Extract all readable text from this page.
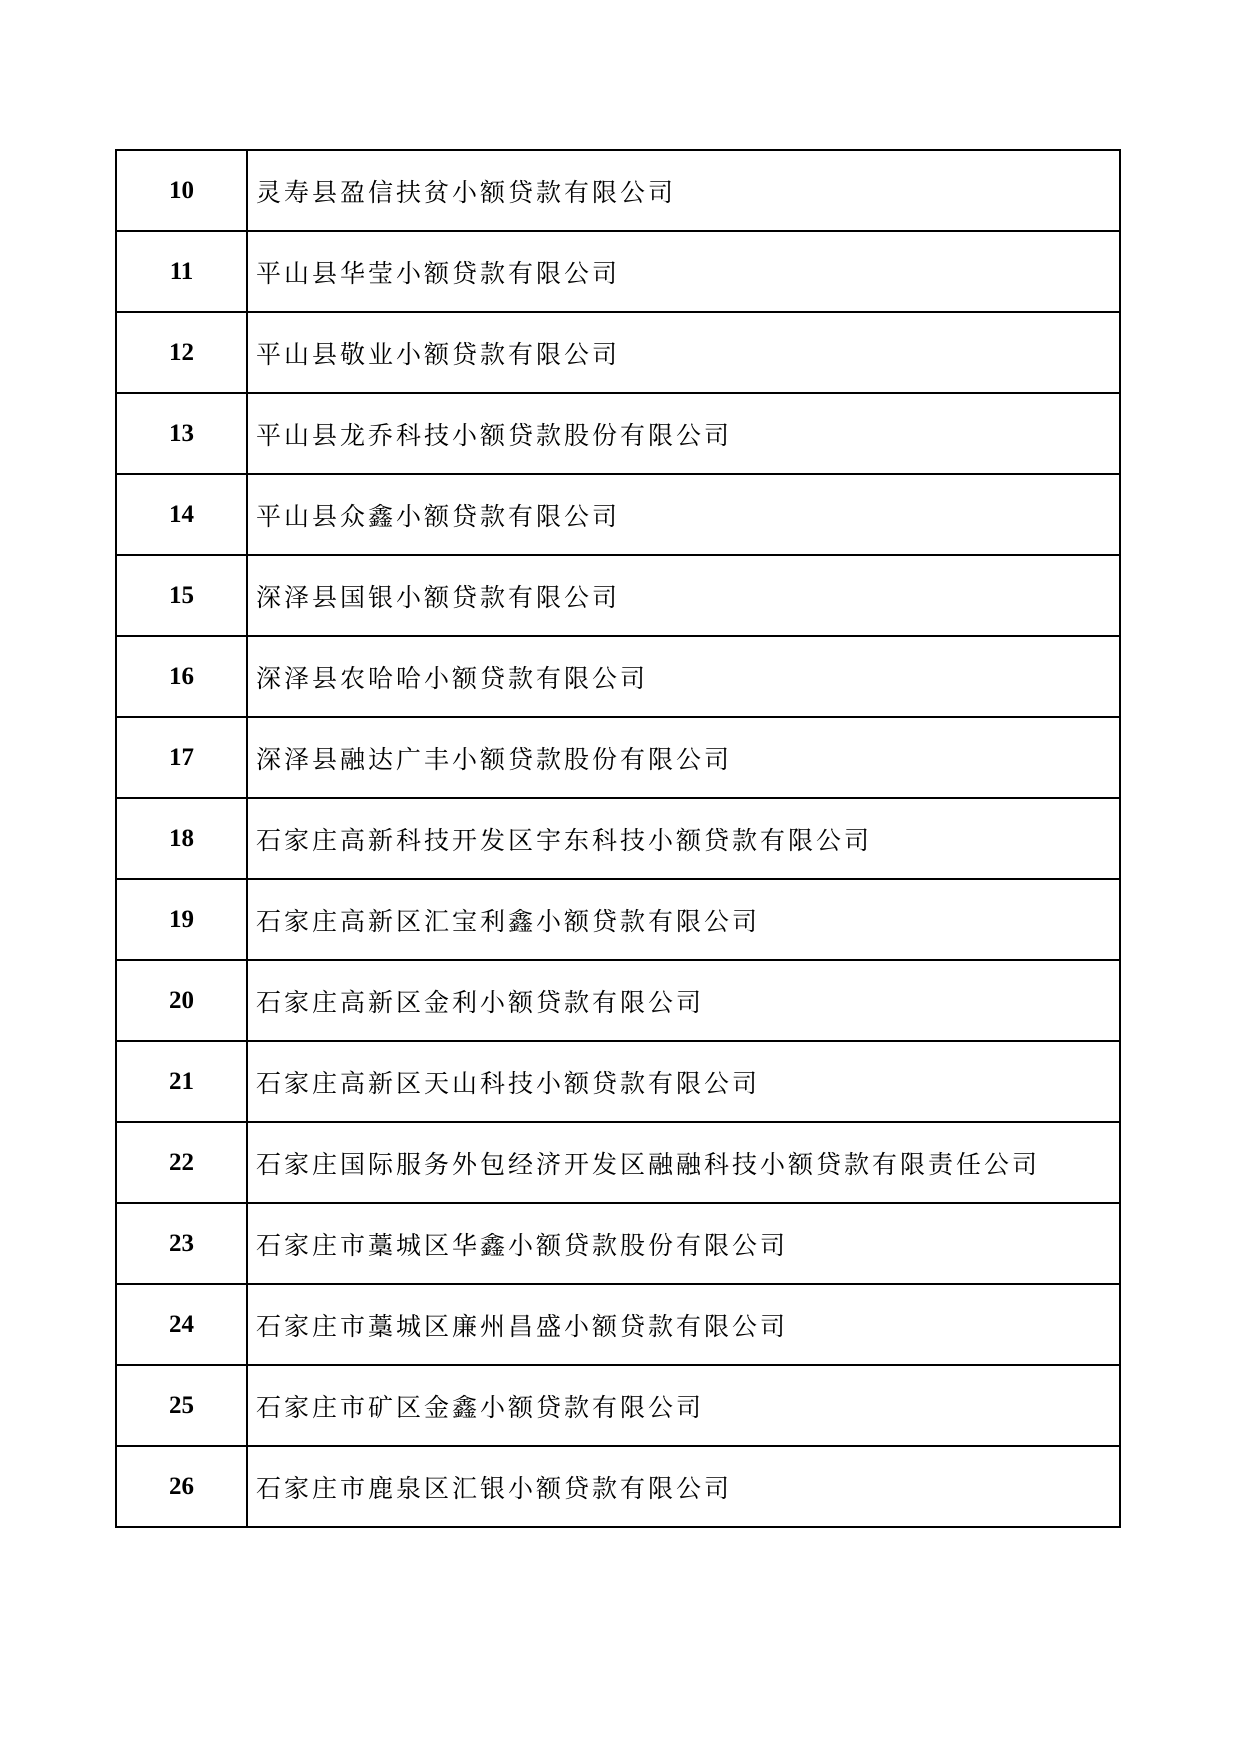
10	灵寿县盈信扶贫小额贷款有限公司
11	平山县华莹小额贷款有限公司
12	平山县敬业小额贷款有限公司
13	平山县龙乔科技小额贷款股份有限公司
14	平山县众鑫小额贷款有限公司
15	深泽县国银小额贷款有限公司
16	深泽县农哈哈小额贷款有限公司
17	深泽县融达广丰小额贷款股份有限公司
18	石家庄高新科技开发区宇东科技小额贷款有限公司
19	石家庄高新区汇宝利鑫小额贷款有限公司
20	石家庄高新区金利小额贷款有限公司
21	石家庄高新区天山科技小额贷款有限公司
22	石家庄国际服务外包经济开发区融融科技小额贷款有限责任公司
23	石家庄市藁城区华鑫小额贷款股份有限公司
24	石家庄市藁城区廉州昌盛小额贷款有限公司
25	石家庄市矿区金鑫小额贷款有限公司
26	石家庄市鹿泉区汇银小额贷款有限公司
